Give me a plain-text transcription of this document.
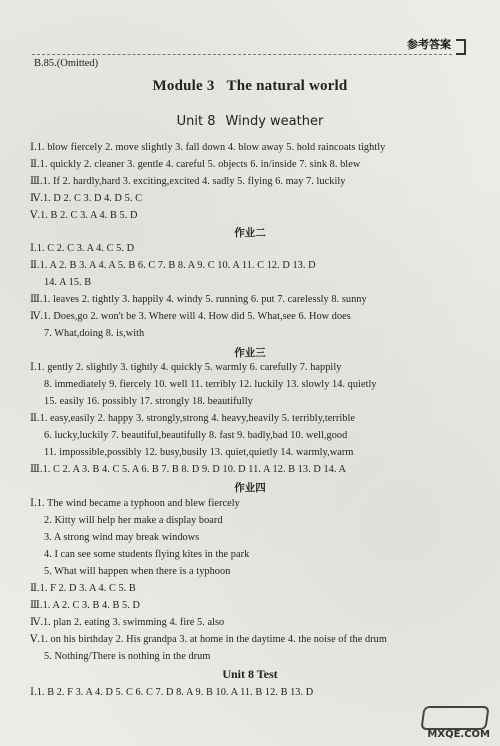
参考答案
B.85.(Omitted)
Module 3 The natural world
Unit 8 Windy weather
Ⅰ.1. blow fiercely 2. move slightly 3. fall down 4. blow away 5. hold raincoats tightly
Ⅱ.1. quickly 2. cleaner 3. gentle 4. careful 5. objects 6. in/inside 7. sink 8. blew
Ⅲ.1. If 2. hardly,hard 3. exciting,excited 4. sadly 5. flying 6. may 7. luckily
Ⅳ.1. D 2. C 3. D 4. D 5. C
Ⅴ.1. B 2. C 3. A 4. B 5. D
作业二
Ⅰ.1. C 2. C 3. A 4. C 5. D
Ⅱ.1. A 2. B 3. A 4. A 5. B 6. C 7. B 8. A 9. C 10. A 11. C 12. D 13. D
14. A 15. B
Ⅲ.1. leaves 2. tightly 3. happily 4. windy 5. running 6. put 7. carelessly 8. sunny
Ⅳ.1. Does,go 2. won't be 3. Where will 4. How did 5. What,see 6. How does
7. What,doing 8. is,with
作业三
Ⅰ.1. gently 2. slightly 3. tightly 4. quickly 5. warmly 6. carefully 7. happily
8. immediately 9. fiercely 10. well 11. terribly 12. luckily 13. slowly 14. quietly
15. easily 16. possibly 17. strongly 18. beautifully
Ⅱ.1. easy,easily 2. happy 3. strongly,strong 4. heavy,heavily 5. terribly,terrible
6. lucky,luckily 7. beautiful,beautifully 8. fast 9. badly,bad 10. well,good
11. impossible,possibly 12. busy,busily 13. quiet,quietly 14. warmly,warm
Ⅲ.1. C 2. A 3. B 4. C 5. A 6. B 7. B 8. D 9. D 10. D 11. A 12. B 13. D 14. A
作业四
Ⅰ.1. The wind became a typhoon and blew fiercely
2. Kitty will help her make a display board
3. A strong wind may break windows
4. I can see some students flying kites in the park
5. What will happen when there is a typhoon
Ⅱ.1. F 2. D 3. A 4. C 5. B
Ⅲ.1. A 2. C 3. B 4. B 5. D
Ⅳ.1. plan 2. eating 3. swimming 4. fire 5. also
Ⅴ.1. on his birthday 2. His grandpa 3. at home in the daytime 4. the noise of the drum
5. Nothing/There is nothing in the drum
Unit 8 Test
Ⅰ.1. B 2. F 3. A 4. D 5. C 6. C 7. D 8. A 9. B 10. A 11. B 12. B 13. D
MXQE.COM
